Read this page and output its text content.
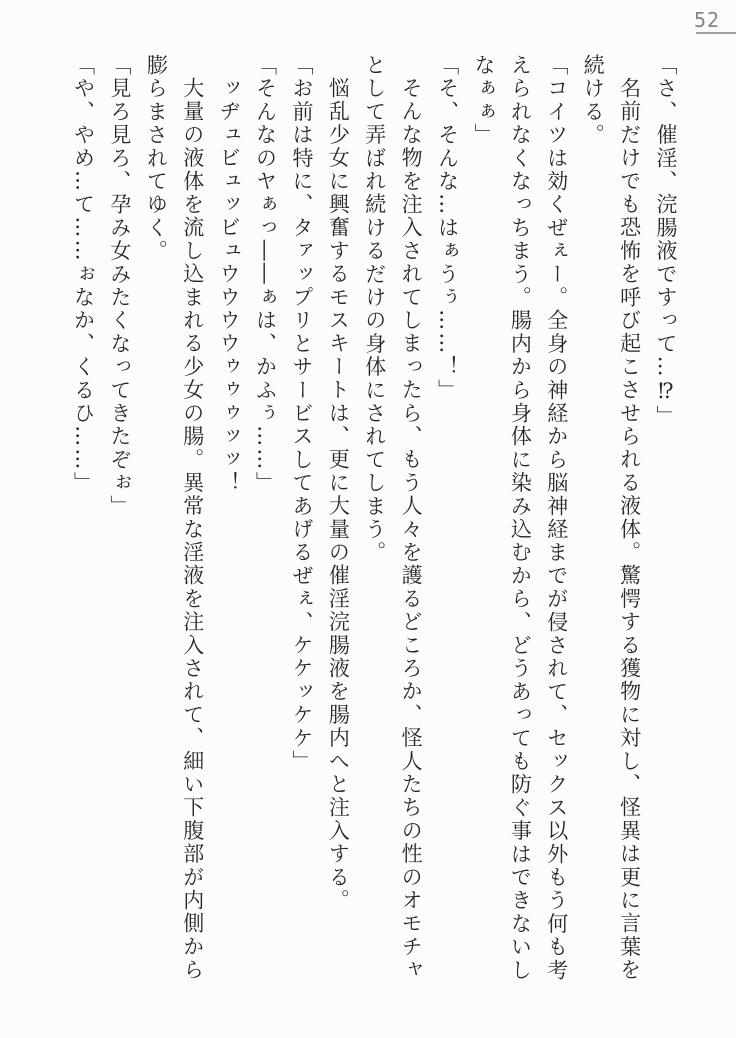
52

「さ、催淫、浣腸液ですって…⁉」

名前だけでも恐怖を呼び起こさせられる液体。驚愕する獲物に対し、怪異は更に言葉を

続ける。

「コイツは効くぜぇー。全身の神経から脳神経までが侵されて、セックス以外もう何も考

えられなくなっちまう。腸内から身体に染み込むから、どうあっても防ぐ事はできないし

なぁぁ」

「そ、そんな…はぁうぅ……！」

そんな物を注入されてしまったら、もう人々を護るどころか、怪人たちの性のオモチャ

として弄ばれ続けるだけの身体にされてしまう。

悩乱少女に興奮するモスキートは、更に大量の催淫浣腸液を腸内へと注入する。

「お前は特に、タァップリとサービスしてあげるぜぇ、ケケッケケ」

「そんなのヤぁっ――ぁは、かふぅ……」

ッヂュビュッビュウウウウゥゥゥッッ！

大量の液体を流し込まれる少女の腸。異常な淫液を注入されて、細い下腹部が内側から

膨らまされてゆく。

「見ろ見ろ、孕み女みたくなってきたぞぉ」

「や、やめ…て……ぉなか、くるひ……」
